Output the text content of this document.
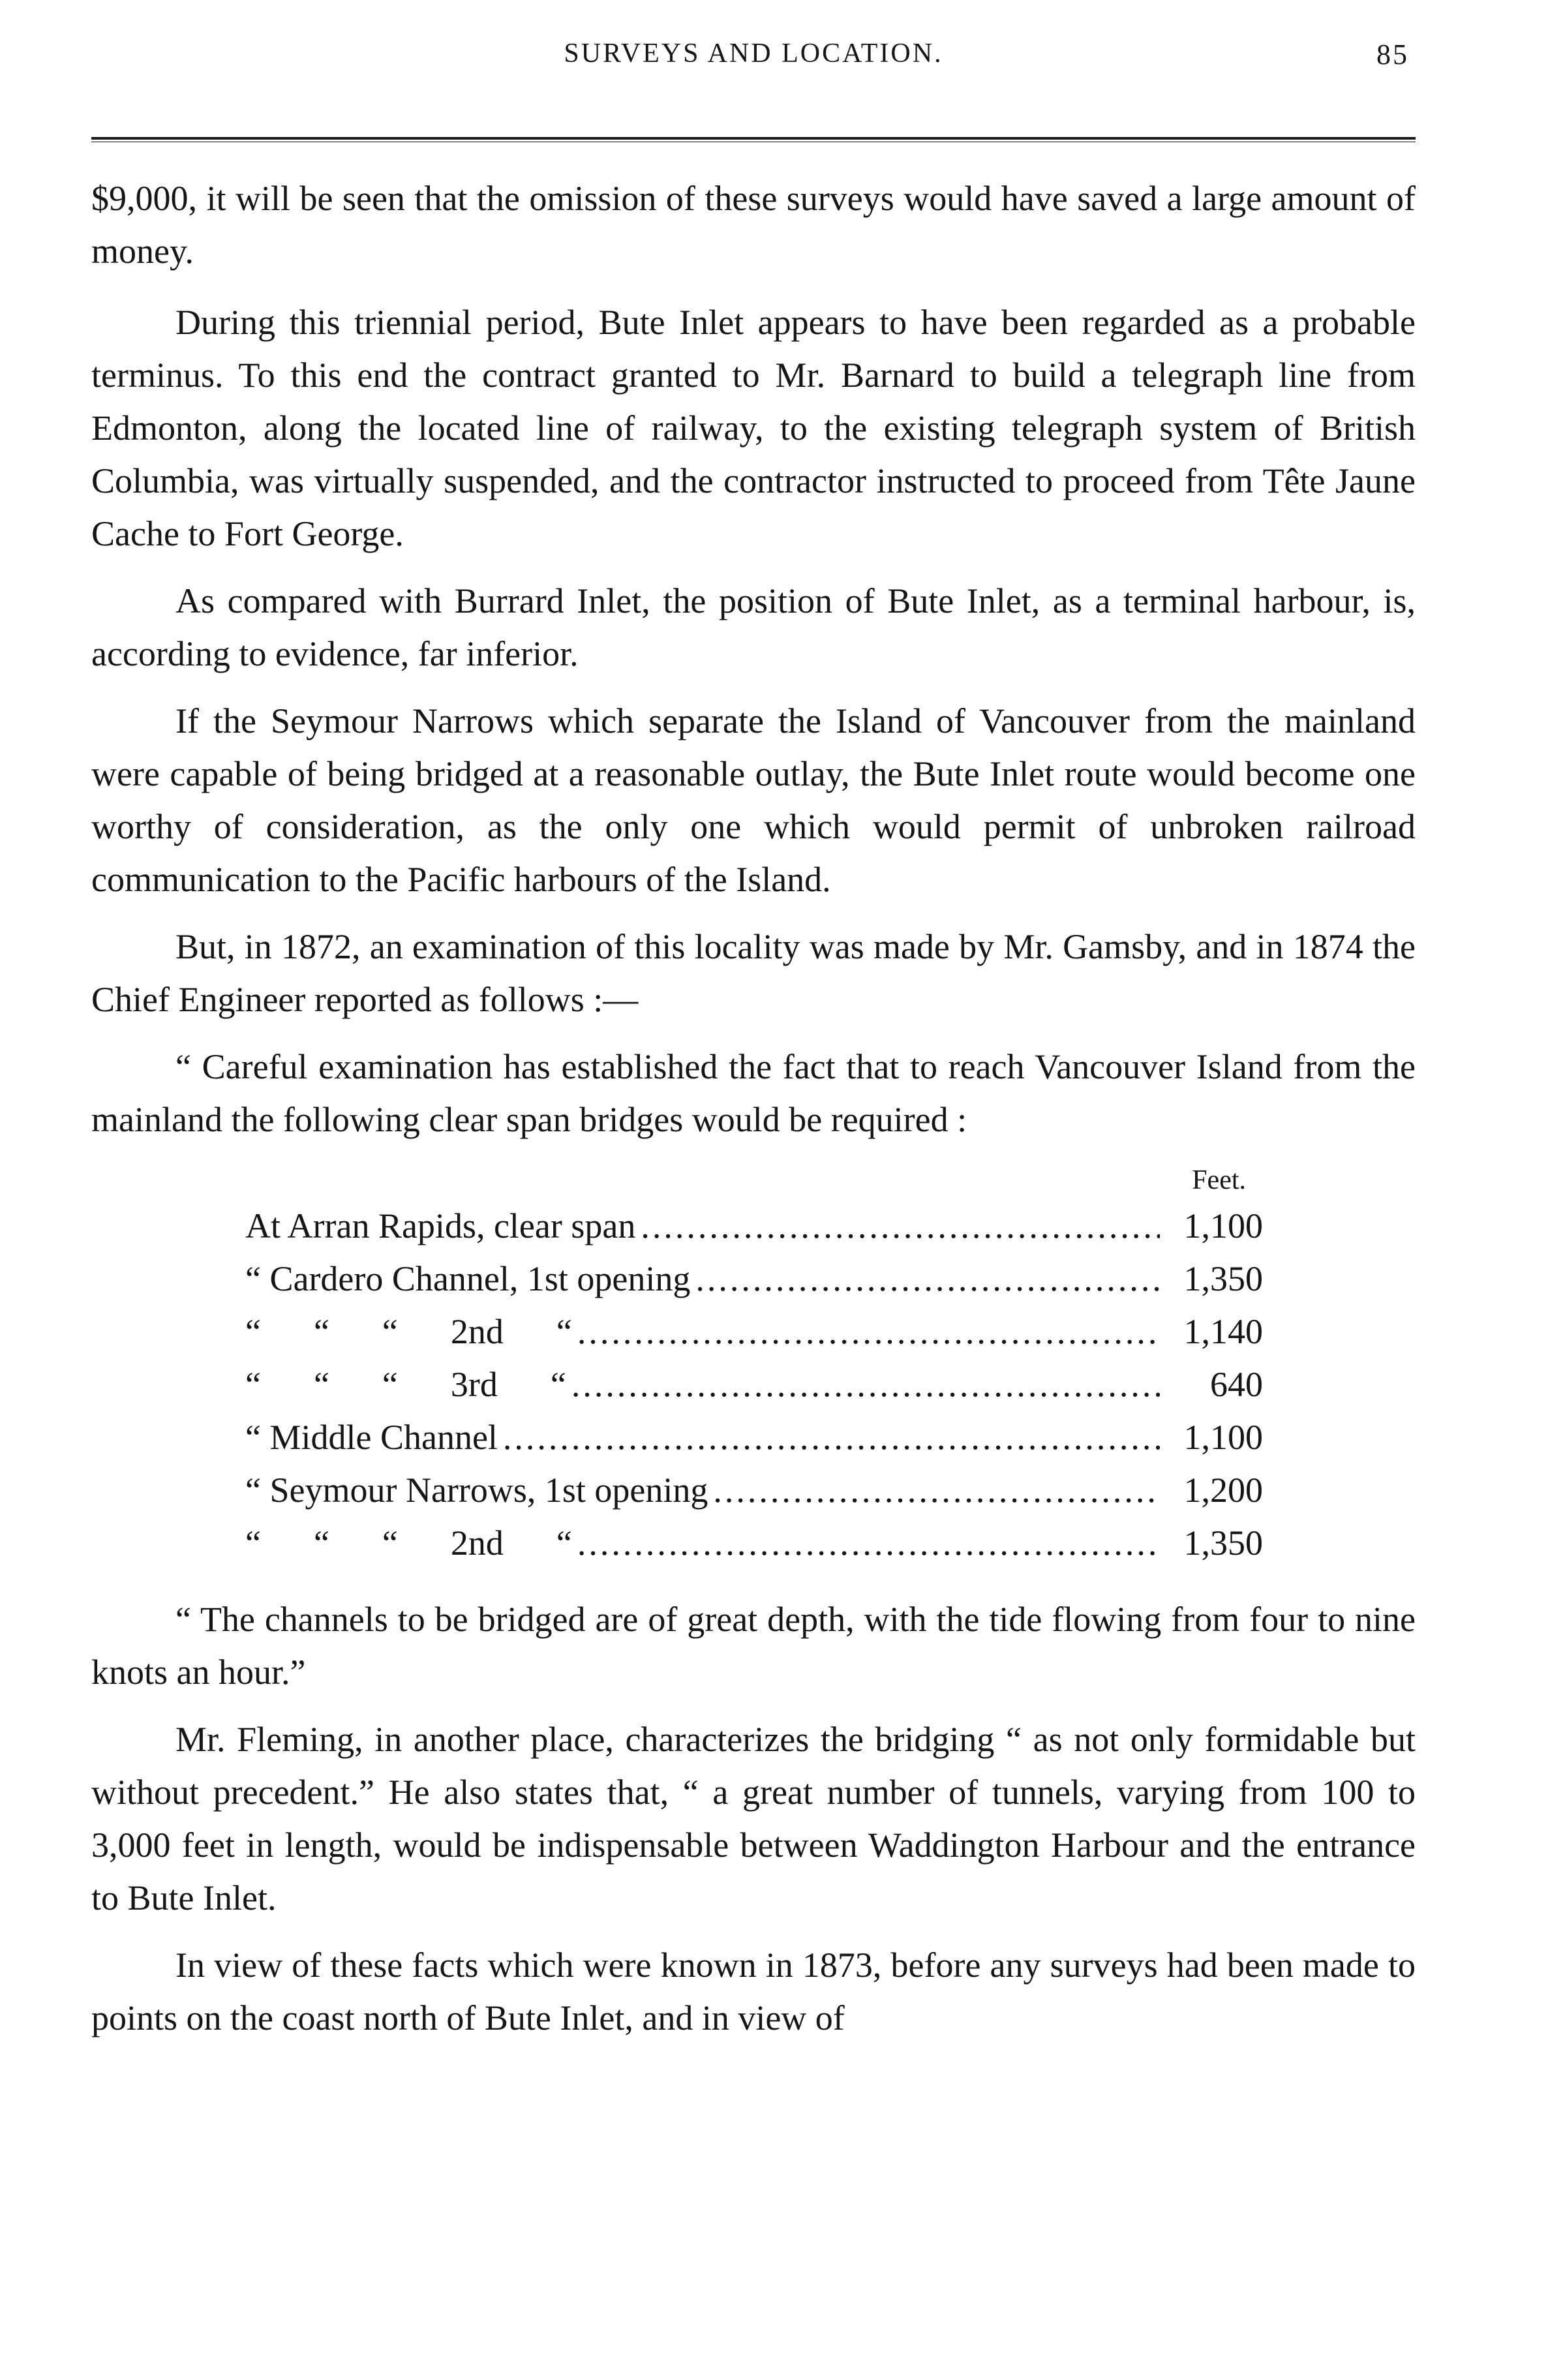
SURVEYS AND LOCATION.	85

$9,000, it will be seen that the omission of these surveys would have saved a large amount of money.

During this triennial period, Bute Inlet appears to have been regarded as a probable terminus. To this end the contract granted to Mr. Barnard to build a telegraph line from Edmonton, along the located line of railway, to the existing telegraph system of British Columbia, was virtually suspended, and the contractor instructed to proceed from Tête Jaune Cache to Fort George.

As compared with Burrard Inlet, the position of Bute Inlet, as a terminal harbour, is, according to evidence, far inferior.

If the Seymour Narrows which separate the Island of Vancouver from the mainland were capable of being bridged at a reasonable outlay, the Bute Inlet route would become one worthy of consideration, as the only one which would permit of unbroken railroad communication to the Pacific harbours of the Island.

But, in 1872, an examination of this locality was made by Mr. Gamsby, and in 1874 the Chief Engineer reported as follows :—

“ Careful examination has established the fact that to reach Vancouver Island from the mainland the following clear span bridges would be required :

Feet.
At Arran Rapids, clear span .....	1,100
“ Cardero Channel, 1st opening .....	1,350
“      “      “      2nd      “ .....	1,140
“      “      “      3rd      “ .....	640
“ Middle Channel .....	1,100
“ Seymour Narrows, 1st opening .....	1,200
“      “      “      2nd      “ .....	1,350

“ The channels to be bridged are of great depth, with the tide flowing from four to nine knots an hour.”

Mr. Fleming, in another place, characterizes the bridging “ as not only formidable but without precedent.” He also states that, “ a great number of tunnels, varying from 100 to 3,000 feet in length, would be indispensable between Waddington Harbour and the entrance to Bute Inlet.

In view of these facts which were known in 1873, before any surveys had been made to points on the coast north of Bute Inlet, and in view of
